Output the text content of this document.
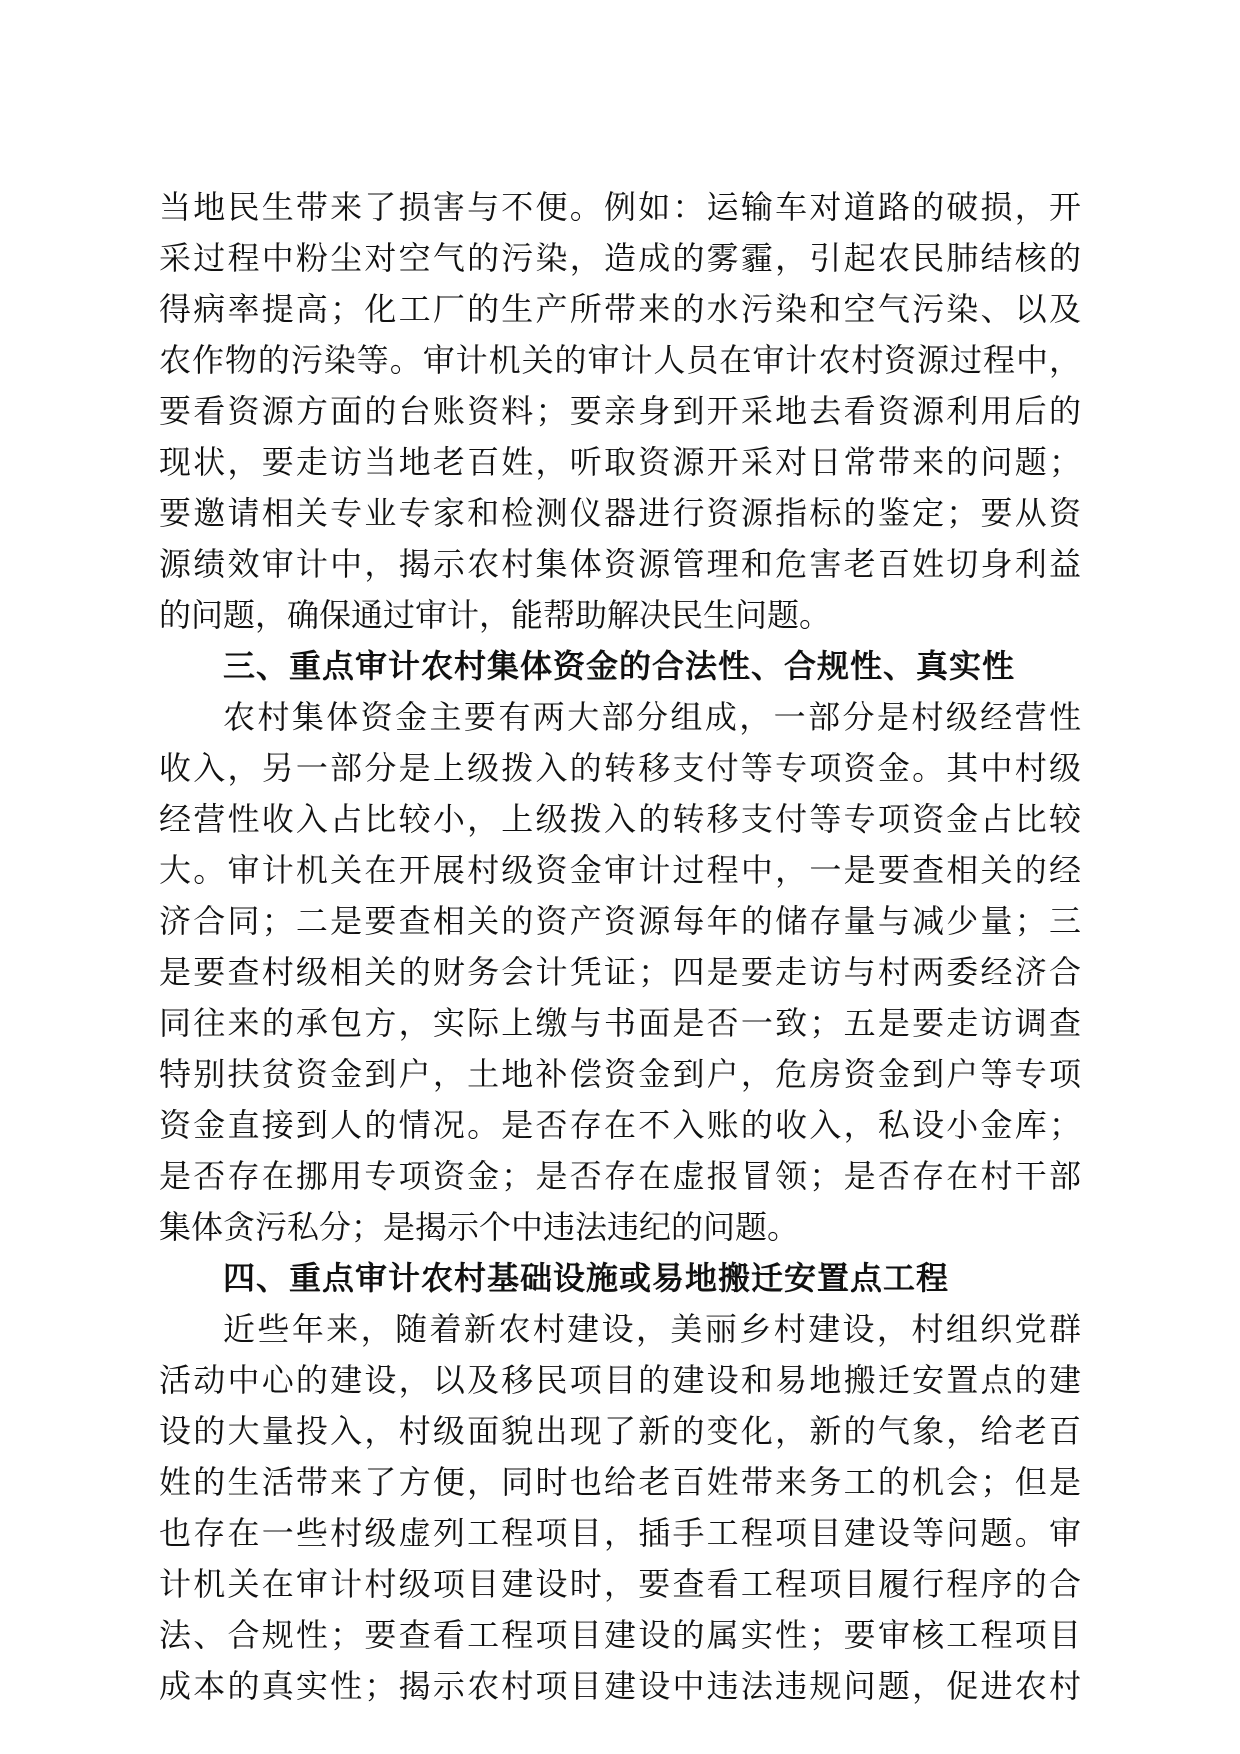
当地民生带来了损害与不便。例如：运输车对道路的破损，开
采过程中粉尘对空气的污染，造成的雾霾，引起农民肺结核的
得病率提高；化工厂的生产所带来的水污染和空气污染、以及
农作物的污染等。审计机关的审计人员在审计农村资源过程中，
要看资源方面的台账资料；要亲身到开采地去看资源利用后的
现状，要走访当地老百姓，听取资源开采对日常带来的问题；
要邀请相关专业专家和检测仪器进行资源指标的鉴定；要从资
源绩效审计中，揭示农村集体资源管理和危害老百姓切身利益
的问题，确保通过审计，能帮助解决民生问题。
三、重点审计农村集体资金的合法性、合规性、真实性
农村集体资金主要有两大部分组成，一部分是村级经营性
收入，另一部分是上级拨入的转移支付等专项资金。其中村级
经营性收入占比较小，上级拨入的转移支付等专项资金占比较
大。审计机关在开展村级资金审计过程中，一是要查相关的经
济合同；二是要查相关的资产资源每年的储存量与减少量；三
是要查村级相关的财务会计凭证；四是要走访与村两委经济合
同往来的承包方，实际上缴与书面是否一致；五是要走访调查
特别扶贫资金到户，土地补偿资金到户，危房资金到户等专项
资金直接到人的情况。是否存在不入账的收入，私设小金库；
是否存在挪用专项资金；是否存在虚报冒领；是否存在村干部
集体贪污私分；是揭示个中违法违纪的问题。
四、重点审计农村基础设施或易地搬迁安置点工程
近些年来，随着新农村建设，美丽乡村建设，村组织党群
活动中心的建设，以及移民项目的建设和易地搬迁安置点的建
设的大量投入，村级面貌出现了新的变化，新的气象，给老百
姓的生活带来了方便，同时也给老百姓带来务工的机会；但是
也存在一些村级虚列工程项目，插手工程项目建设等问题。审
计机关在审计村级项目建设时，要查看工程项目履行程序的合
法、合规性；要查看工程项目建设的属实性；要审核工程项目
成本的真实性；揭示农村项目建设中违法违规问题，促进农村
